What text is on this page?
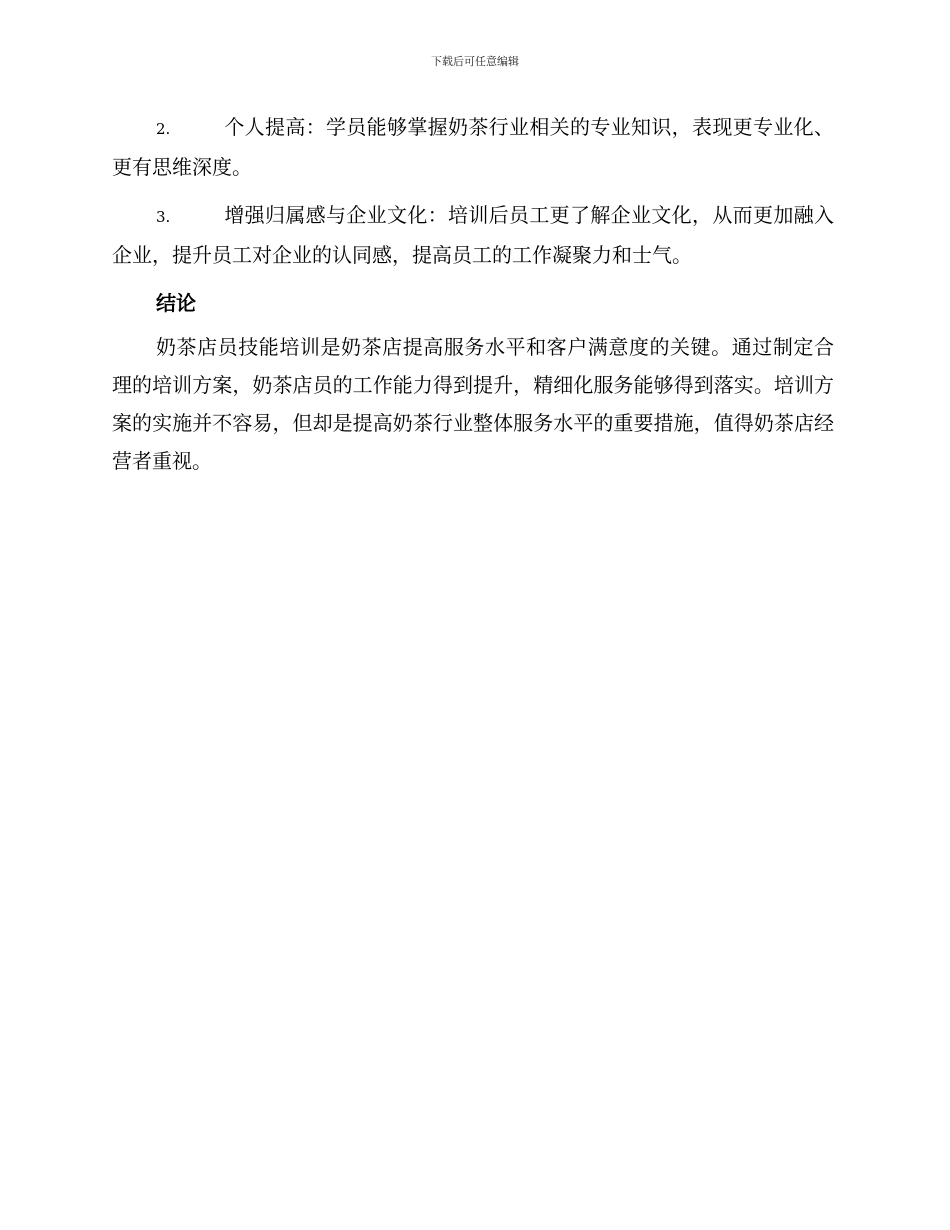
下载后可任意编辑

2.	个人提高：学员能够掌握奶茶行业相关的专业知识，表现更专业化、更有思维深度。

3.	增强归属感与企业文化：培训后员工更了解企业文化，从而更加融入企业，提升员工对企业的认同感，提高员工的工作凝聚力和士气。

结论

奶茶店员技能培训是奶茶店提高服务水平和客户满意度的关键。通过制定合理的培训方案，奶茶店员的工作能力得到提升，精细化服务能够得到落实。培训方案的实施并不容易，但却是提高奶茶行业整体服务水平的重要措施，值得奶茶店经营者重视。
